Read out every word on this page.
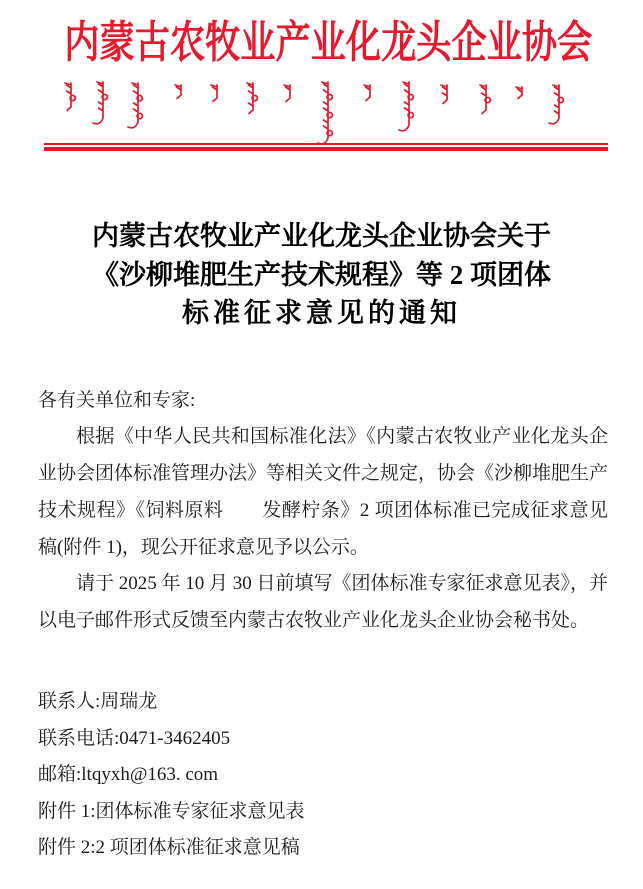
内蒙古农牧业产业化龙头企业协会
内蒙古农牧业产业化龙头企业协会关于
《沙柳堆肥生产技术规程》等 2 项团体
标准征求意见的通知

各有关单位和专家:

根据《中华人民共和国标准化法》《内蒙古农牧业产业化龙头企业协会团体标准管理办法》等相关文件之规定，协会《沙柳堆肥生产技术规程》《饲料原料　　发酵柠条》2 项团体标准已完成征求意见稿(附件 1)，现公开征求意见予以公示。

请于 2025 年 10 月 30 日前填写《团体标准专家征求意见表》，并以电子邮件形式反馈至内蒙古农牧业产业化龙头企业协会秘书处。

联系人:周瑞龙
联系电话:0471-3462405
邮箱:ltqyxh@163. com
附件 1:团体标准专家征求意见表
附件 2:2 项团体标准征求意见稿
